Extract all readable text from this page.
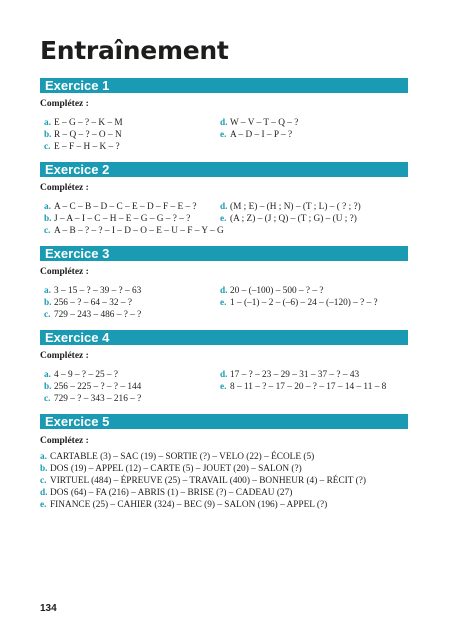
Entraînement
Exercice 1
Complétez :
a. E – G – ? – K – M
b. R – Q – ? – O – N
c. E – F – H – K – ?
d. W – V – T – Q – ?
e. A – D – I – P – ?
Exercice 2
Complétez :
a. A – C – B – D – C – E – D – F – E – ?
b. J – A – I – C – H – E – G – G – ? – ?
c. A – B – ? – ? – I – D – O – E – U – F – Y – G
d. (M ; E) – (H ; N) – (T ; L) – ( ? ; ?)
e. (A ; Z) – (J ; Q) – (T ; G) – (U ; ?)
Exercice 3
Complétez :
a. 3 – 15 – ? – 39 – ? – 63
b. 256 – ? – 64 – 32 – ?
c. 729 – 243 – 486 – ? – ?
d. 20 – (–100) – 500 – ? – ?
e. 1 – (–1) – 2 – (–6) – 24 – (–120) – ? – ?
Exercice 4
Complétez :
a. 4 – 9 – ? – 25 – ?
b. 256 – 225 – ? – ? – 144
c. 729 – ? – 343 – 216 – ?
d. 17 – ? – 23 – 29 – 31 – 37 – ? – 43
e. 8 – 11 – ? – 17 – 20 – ? – 17 – 14 – 11 – 8
Exercice 5
Complétez :
a. CARTABLE (3) – SAC (19) – SORTIE (?) – VELO (22) – ÉCOLE (5)
b. DOS (19) – APPEL (12) – CARTE (5) – JOUET (20) – SALON (?)
c. VIRTUEL (484) – ÉPREUVE (25) – TRAVAIL (400) – BONHEUR (4) – RÉCIT (?)
d. DOS (64) – FA (216) – ABRIS (1) – BRISE (?) – CADEAU (27)
e. FINANCE (25) – CAHIER (324) – BEC (9) – SALON (196) – APPEL (?)
134
